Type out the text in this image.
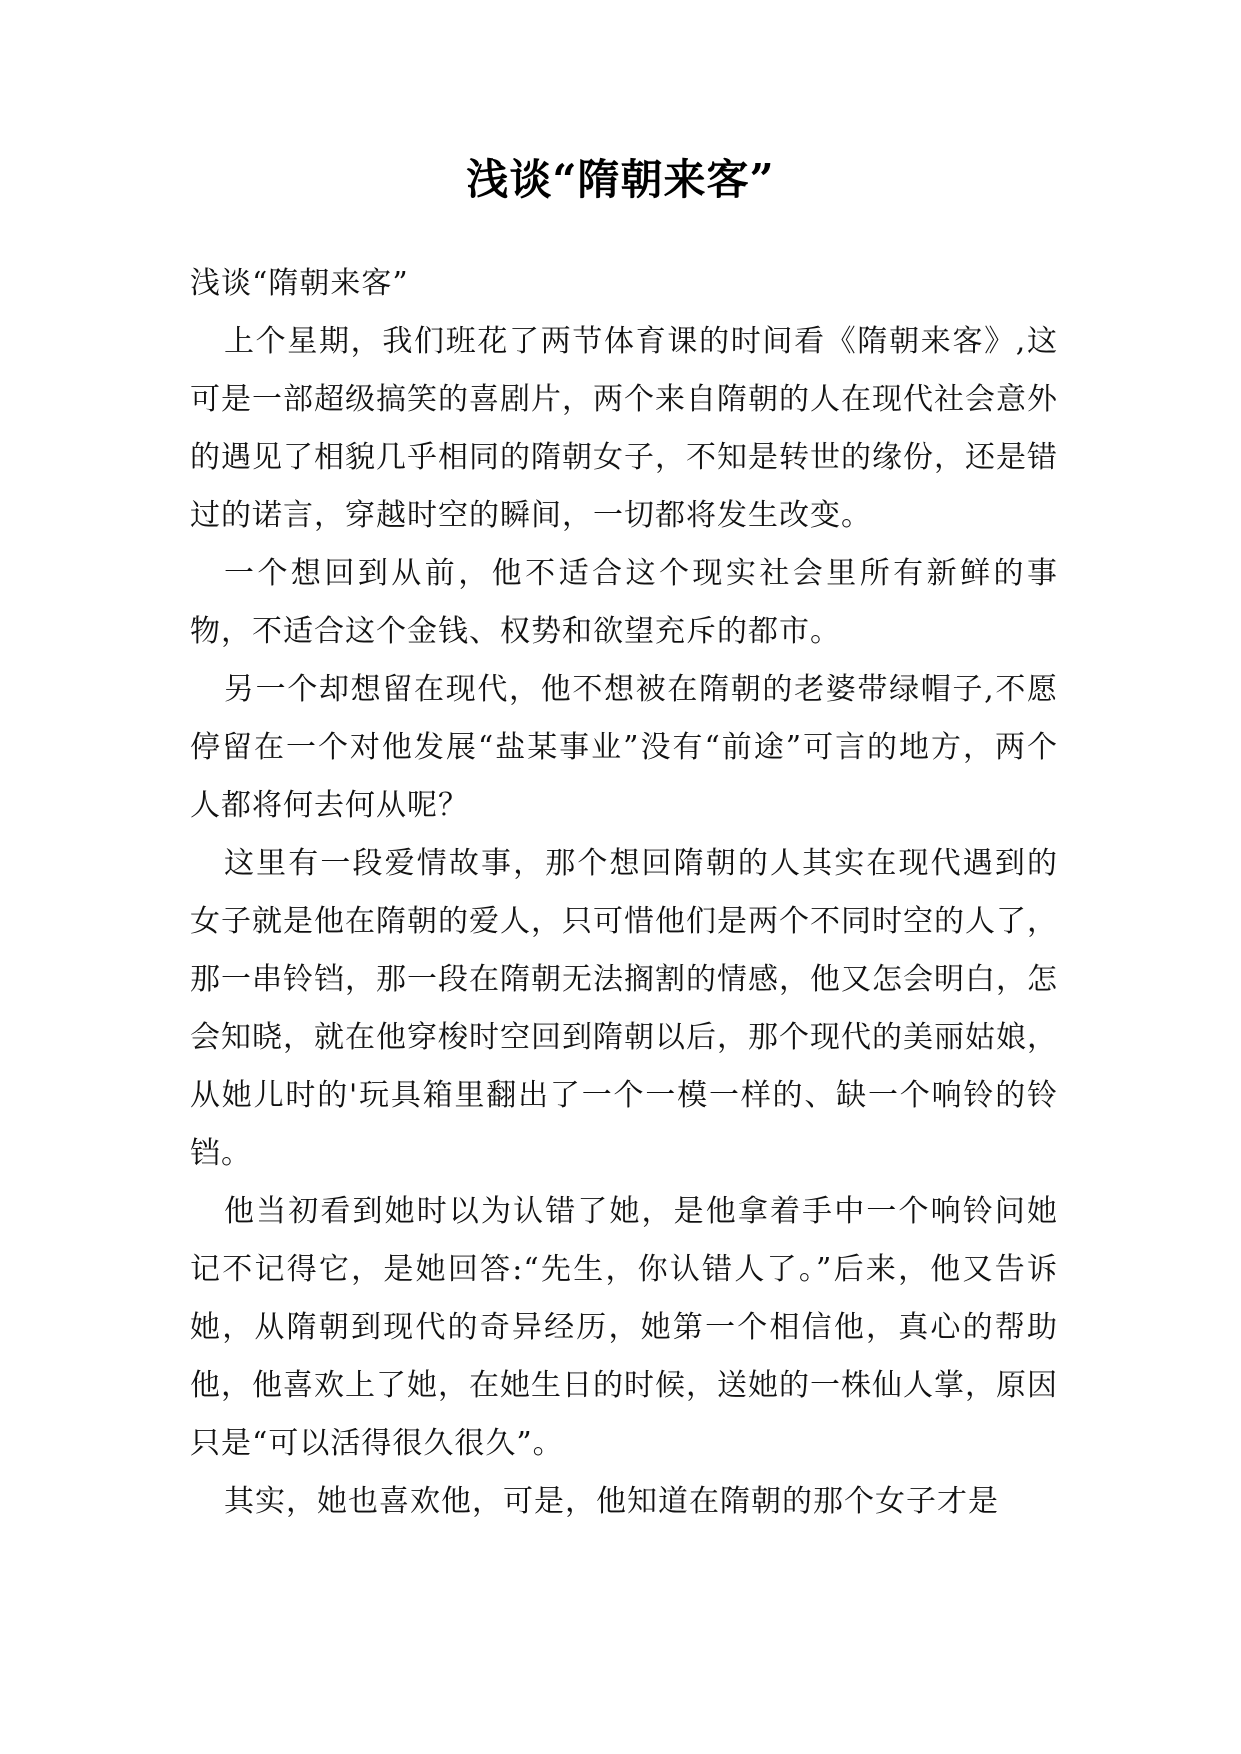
浅谈“隋朝来客”

浅谈“隋朝来客”

上个星期，我们班花了两节体育课的时间看《隋朝来客》,这可是一部超级搞笑的喜剧片，两个来自隋朝的人在现代社会意外的遇见了相貌几乎相同的隋朝女子，不知是转世的缘份，还是错过的诺言，穿越时空的瞬间，一切都将发生改变。

一个想回到从前，他不适合这个现实社会里所有新鲜的事物，不适合这个金钱、权势和欲望充斥的都市。

另一个却想留在现代，他不想被在隋朝的老婆带绿帽子,不愿停留在一个对他发展“盐某事业”没有“前途”可言的地方，两个人都将何去何从呢？

这里有一段爱情故事，那个想回隋朝的人其实在现代遇到的女子就是他在隋朝的爱人，只可惜他们是两个不同时空的人了，那一串铃铛，那一段在隋朝无法搁割的情感，他又怎会明白，怎会知晓，就在他穿梭时空回到隋朝以后，那个现代的美丽姑娘，从她儿时的'玩具箱里翻出了一个一模一样的、缺一个响铃的铃铛。

他当初看到她时以为认错了她，是他拿着手中一个响铃问她记不记得它，是她回答:“先生，你认错人了。”后来，他又告诉她，从隋朝到现代的奇异经历，她第一个相信他，真心的帮助他，他喜欢上了她，在她生日的时候，送她的一株仙人掌，原因只是“可以活得很久很久”。

其实，她也喜欢他，可是，他知道在隋朝的那个女子才是
